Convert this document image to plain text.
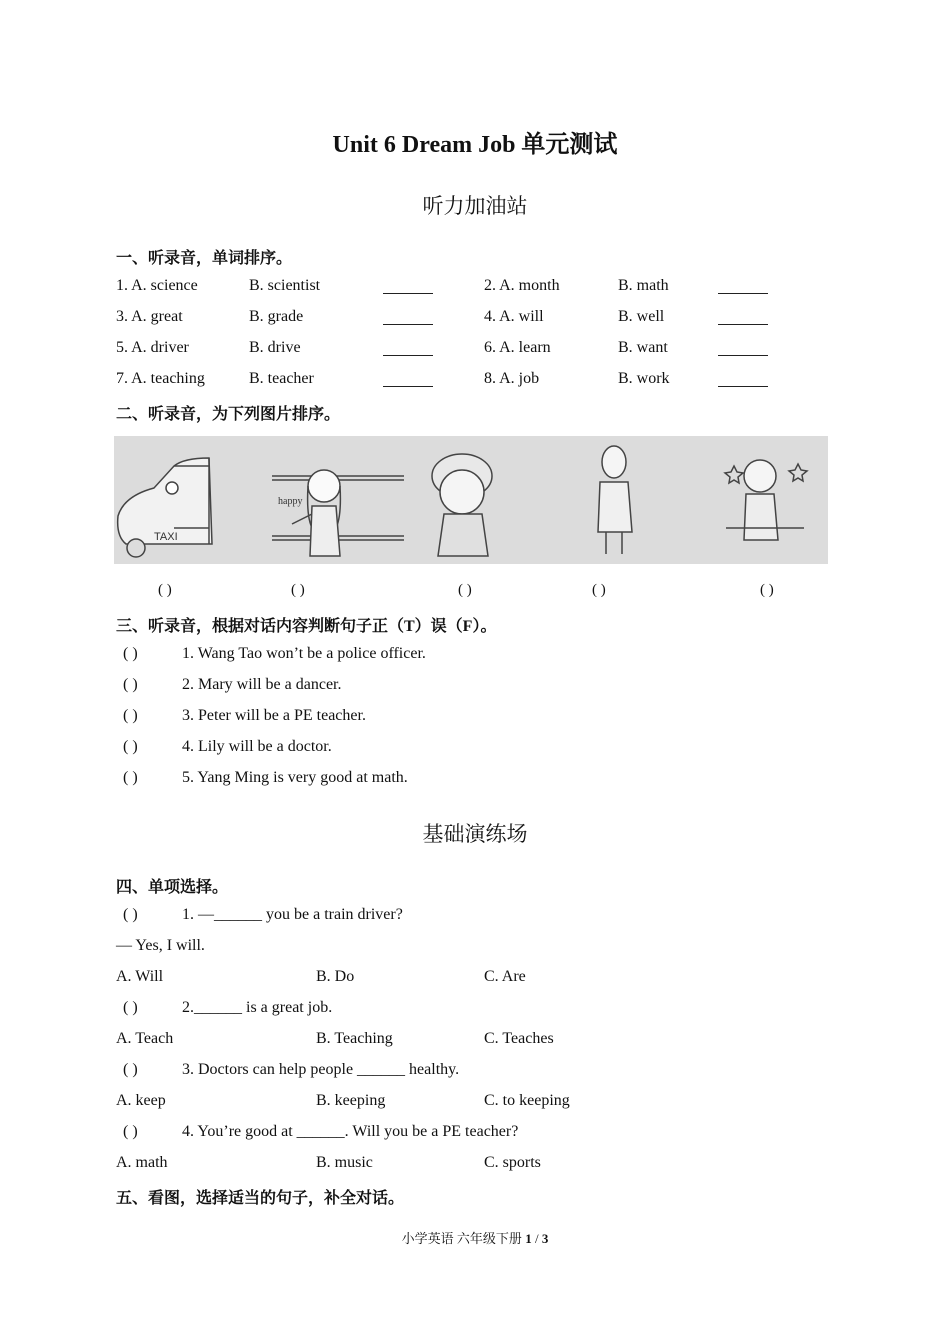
Unit 6 Dream Job 单元测试
听力加油站
一、听录音，单词排序。
1. A. science	B. scientist	2. A. month	B. math
3. A. great	B. grade	4. A. will	B. well
5. A. driver	B. drive	6. A. learn	B. want
7. A. teaching	B. teacher	8. A. job	B. work
二、听录音，为下列图片排序。
TAXI
happy
( )	( )	( )	( )	( )
三、听录音，根据对话内容判断句子正（T）误（F）。
( )	1. Wang Tao won’t be a police officer.
( )	2. Mary will be a dancer.
( )	3. Peter will be a PE teacher.
( )	4. Lily will be a doctor.
( )	5. Yang Ming is very good at math.
基础演练场
四、单项选择。
( )	1. —______ you be a train driver?
— Yes, I will.
A. Will	B. Do	C. Are
( )	2.______ is a great job.
A. Teach	B. Teaching	C. Teaches
( )	3. Doctors can help people ______ healthy.
A. keep	B. keeping	C. to keeping
( )	4. You’re good at ______. Will you be a PE teacher?
A. math	B. music	C. sports
五、看图，选择适当的句子，补全对话。
小学英语 六年级下册 1 / 3
